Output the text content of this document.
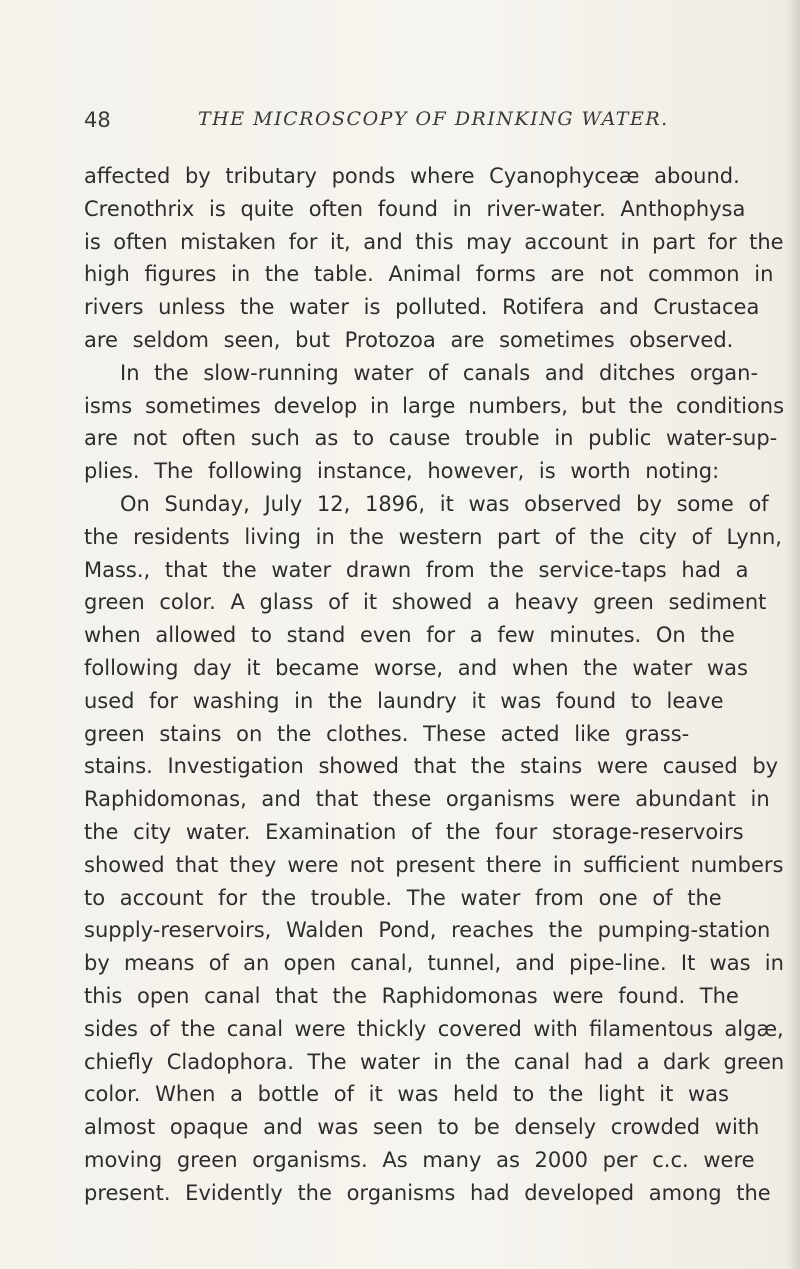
48	THE MICROSCOPY OF DRINKING WATER.
affected by tributary ponds where Cyanophyceæ abound.
Crenothrix is quite often found in river-water. Anthophysa
is often mistaken for it, and this may account in part for the
high figures in the table. Animal forms are not common in
rivers unless the water is polluted. Rotifera and Crustacea
are seldom seen, but Protozoa are sometimes observed.
In the slow-running water of canals and ditches organ-
isms sometimes develop in large numbers, but the conditions
are not often such as to cause trouble in public water-sup-
plies. The following instance, however, is worth noting:
On Sunday, July 12, 1896, it was observed by some of
the residents living in the western part of the city of Lynn,
Mass., that the water drawn from the service-taps had a
green color. A glass of it showed a heavy green sediment
when allowed to stand even for a few minutes. On the
following day it became worse, and when the water was
used for washing in the laundry it was found to leave
green stains on the clothes. These acted like grass-
stains. Investigation showed that the stains were caused by
Raphidomonas, and that these organisms were abundant in
the city water. Examination of the four storage-reservoirs
showed that they were not present there in sufficient numbers
to account for the trouble. The water from one of the
supply-reservoirs, Walden Pond, reaches the pumping-station
by means of an open canal, tunnel, and pipe-line. It was in
this open canal that the Raphidomonas were found. The
sides of the canal were thickly covered with filamentous algæ,
chiefly Cladophora. The water in the canal had a dark green
color. When a bottle of it was held to the light it was
almost opaque and was seen to be densely crowded with
moving green organisms. As many as 2000 per c.c. were
present. Evidently the organisms had developed among the
